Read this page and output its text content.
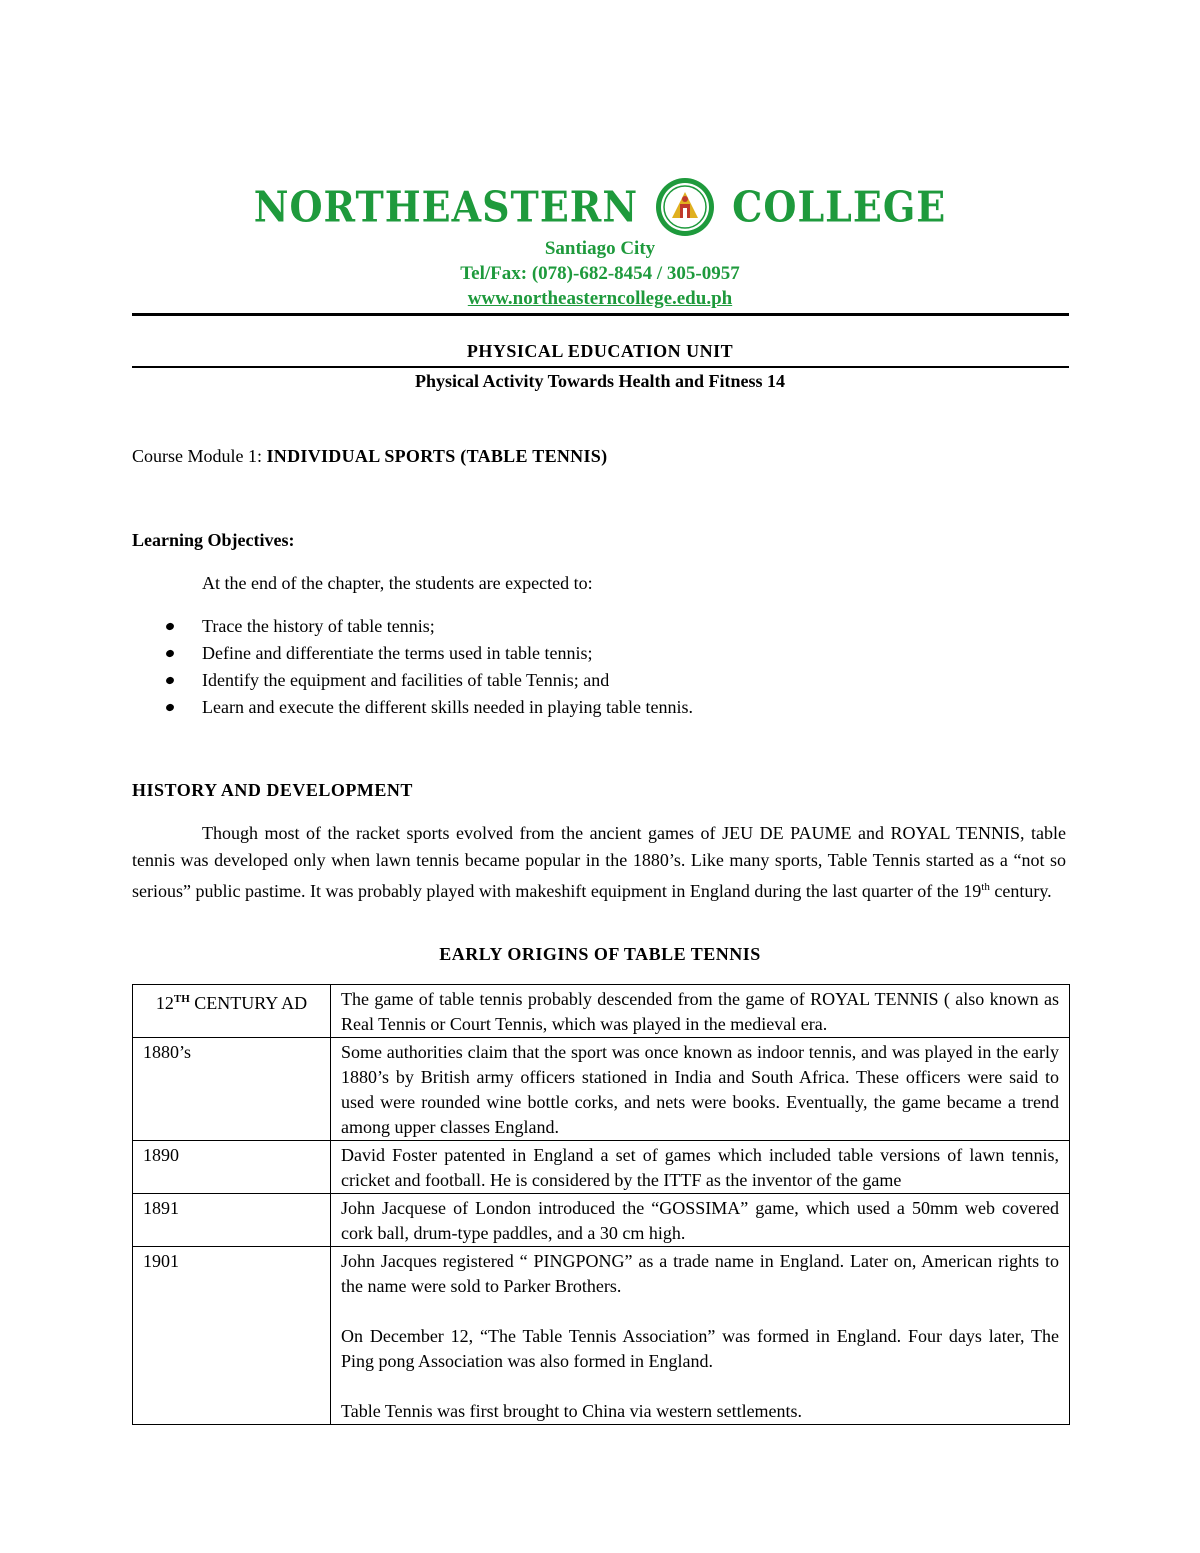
NORTHEASTERN COLLEGE
Santiago City
Tel/Fax: (078)-682-8454 / 305-0957
www.northeasterncollege.edu.ph
PHYSICAL EDUCATION UNIT
Physical Activity Towards Health and Fitness 14
Course Module 1: INDIVIDUAL SPORTS (TABLE TENNIS)
Learning Objectives:
At the end of the chapter, the students are expected to:
Trace the history of table tennis;
Define and differentiate the terms used in table tennis;
Identify the equipment and facilities of table Tennis; and
Learn and execute the different skills needed in playing table tennis.
HISTORY AND DEVELOPMENT

Though most of the racket sports evolved from the ancient games of JEU DE PAUME and ROYAL TENNIS, table tennis was developed only when lawn tennis became popular in the 1880’s. Like many sports, Table Tennis started as a “not so serious” public pastime. It was probably played with makeshift equipment in England during the last quarter of the 19th century.

EARLY ORIGINS OF TABLE TENNIS
12TH CENTURY AD	The game of table tennis probably descended from the game of ROYAL TENNIS ( also known as Real Tennis or Court Tennis, which was played in the medieval era.

1880’s	Some authorities claim that the sport was once known as indoor tennis, and was played in the early 1880’s by British army officers stationed in India and South Africa. These officers were said to used were rounded wine bottle corks, and nets were books. Eventually, the game became a trend among upper classes England.

1890	David Foster patented in England a set of games which included table versions of lawn tennis, cricket and football. He is considered by the ITTF as the inventor of the game

1891	John Jacquese of London introduced the “GOSSIMA” game, which used a 50mm web covered cork ball, drum-type paddles, and a 30 cm high.

1901	John Jacques registered “ PINGPONG” as a trade name in England. Later on, American rights to the name were sold to Parker Brothers.

On December 12, “The Table Tennis Association” was formed in England. Four days later, The Ping pong Association was also formed in England.

Table Tennis was first brought to China via western settlements.
